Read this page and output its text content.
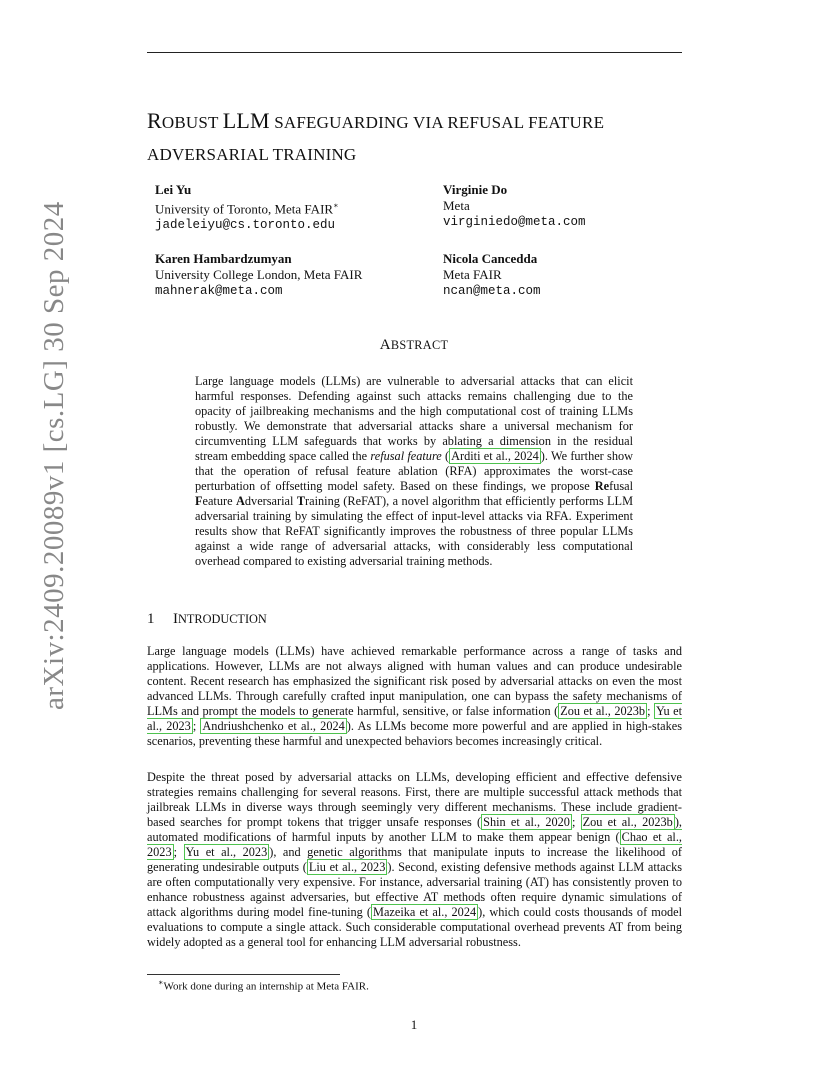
arXiv:2409.20089v1 [cs.LG] 30 Sep 2024
ROBUST LLM SAFEGUARDING VIA REFUSAL FEATURE
ADVERSARIAL TRAINING
Lei Yu
University of Toronto, Meta FAIR∗
jadeleiyu@cs.toronto.edu
Virginie Do
Meta
virginiedo@meta.com
Karen Hambardzumyan
University College London, Meta FAIR
mahnerak@meta.com
Nicola Cancedda
Meta FAIR
ncan@meta.com
ABSTRACT
Large language models (LLMs) are vulnerable to adversarial attacks that can elicit harmful responses. Defending against such attacks remains challenging due to the opacity of jailbreaking mechanisms and the high computational cost of training LLMs robustly. We demonstrate that adversarial attacks share a universal mechanism for circumventing LLM safeguards that works by ablating a dimension in the residual stream embedding space called the refusal feature ( Arditi et al., 2024 ). We further show that the operation of refusal feature ablation (RFA) approximates the worst-case perturbation of offsetting model safety. Based on these findings, we propose Refusal Feature Adversarial Training (ReFAT), a novel algorithm that efficiently performs LLM adversarial training by simulating the effect of input-level attacks via RFA. Experiment results show that ReFAT significantly improves the robustness of three popular LLMs against a wide range of adversarial attacks, with considerably less computational overhead compared to existing adversarial training methods.
1 INTRODUCTION
Large language models (LLMs) have achieved remarkable performance across a range of tasks and applications. However, LLMs are not always aligned with human values and can produce undesirable content. Recent research has emphasized the significant risk posed by adversarial attacks on even the most advanced LLMs. Through carefully crafted input manipulation, one can bypass the safety mechanisms of LLMs and prompt the models to generate harmful, sensitive, or false information ( Zou et al., 2023b ; Yu et al., 2023 ; Andriushchenko et al., 2024 ). As LLMs become more powerful and are applied in high-stakes scenarios, preventing these harmful and unexpected behaviors becomes increasingly critical.
Despite the threat posed by adversarial attacks on LLMs, developing efficient and effective defensive strategies remains challenging for several reasons. First, there are multiple successful attack methods that jailbreak LLMs in diverse ways through seemingly very different mechanisms. These include gradient-based searches for prompt tokens that trigger unsafe responses ( Shin et al., 2020 ; Zou et al., 2023b ), automated modifications of harmful inputs by another LLM to make them appear benign ( Chao et al., 2023 ; Yu et al., 2023 ), and genetic algorithms that manipulate inputs to increase the likelihood of generating undesirable outputs ( Liu et al., 2023 ). Second, existing defensive methods against LLM attacks are often computationally very expensive. For instance, adversarial training (AT) has consistently proven to enhance robustness against adversaries, but effective AT methods often require dynamic simulations of attack algorithms during model fine-tuning ( Mazeika et al., 2024 ), which could costs thousands of model evaluations to compute a single attack. Such considerable computational overhead prevents AT from being widely adopted as a general tool for enhancing LLM adversarial robustness.
∗Work done during an internship at Meta FAIR.
1
